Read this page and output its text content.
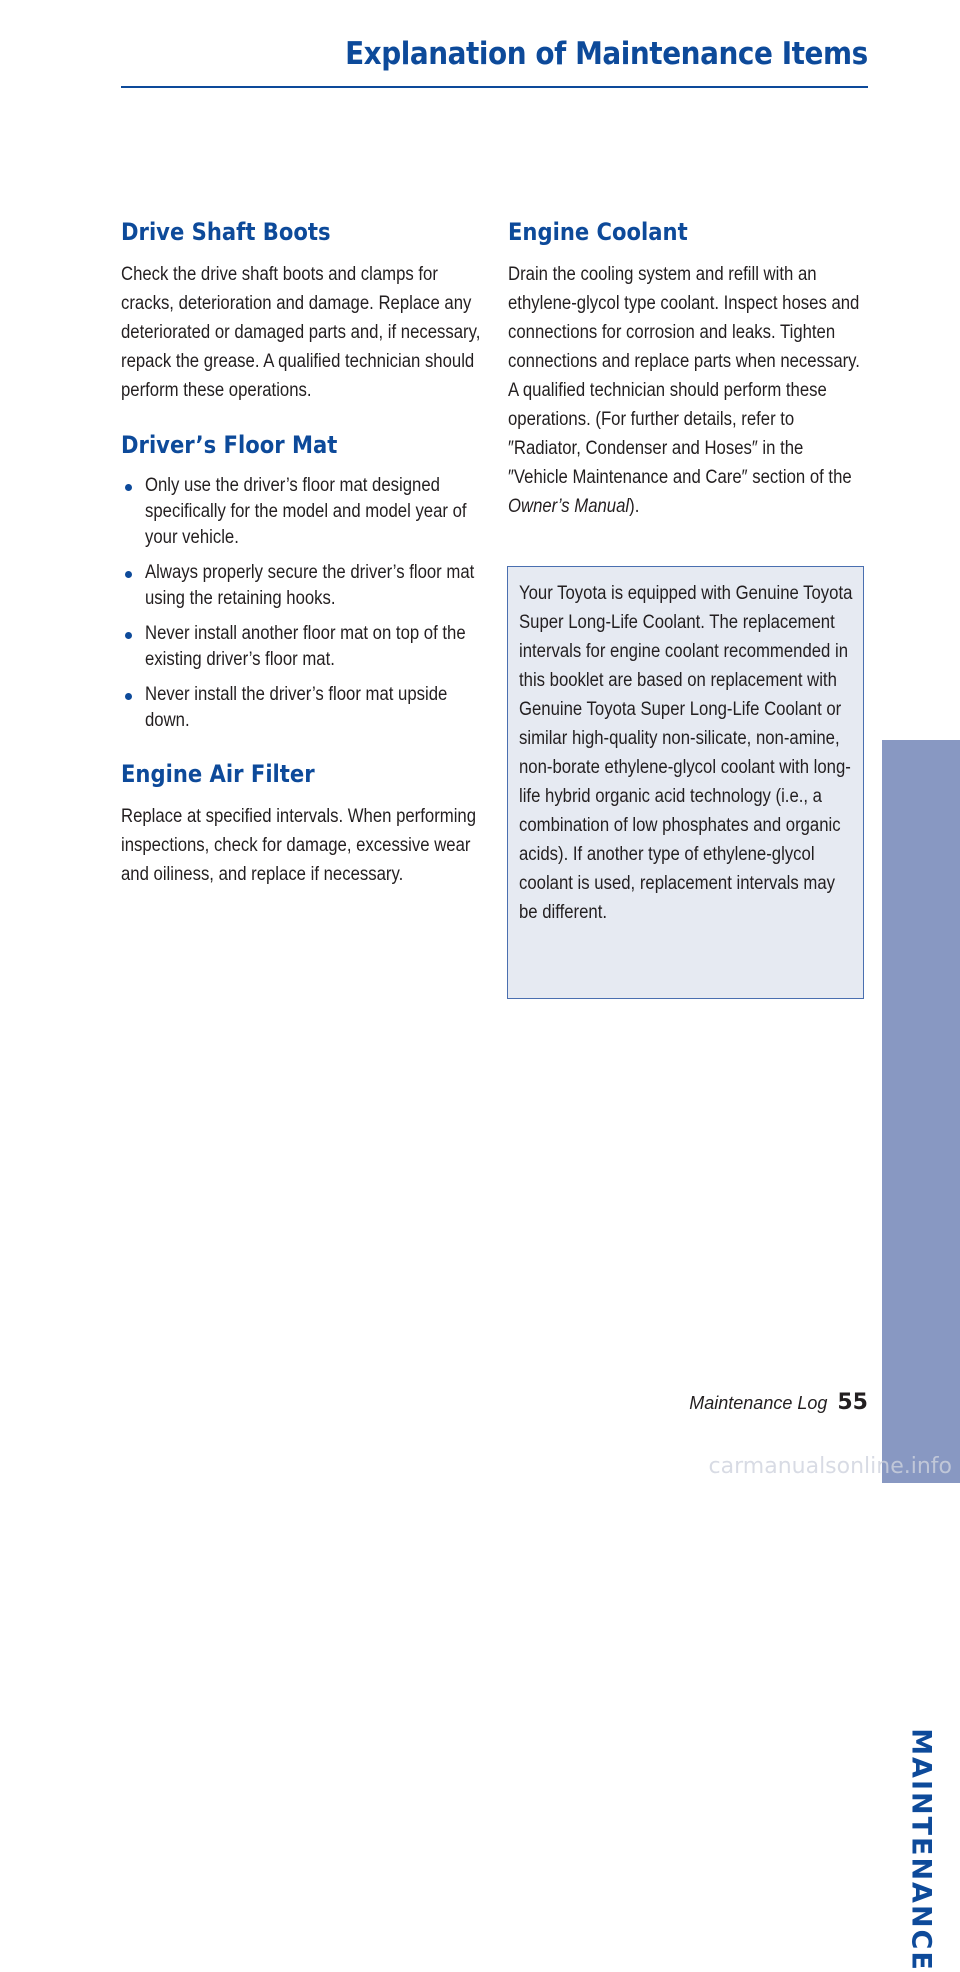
Explanation of Maintenance Items
Drive Shaft Boots

Check the drive shaft boots and clamps for cracks, deterioration and damage. Replace any deteriorated or damaged parts and, if necessary, repack the grease. A qualified technician should perform these operations.

Driver’s Floor Mat
Only use the driver’s floor mat designed specifically for the model and model year of your vehicle.
Always properly secure the driver’s floor mat using the retaining hooks.
Never install another floor mat on top of the existing driver’s floor mat.
Never install the driver’s floor mat upside down.
Engine Air Filter

Replace at specified intervals. When performing inspections, check for damage, excessive wear and oiliness, and replace if necessary.

Engine Coolant

Drain the cooling system and refill with an ethylene-glycol type coolant. Inspect hoses and connections for corrosion and leaks. Tighten connections and replace parts when necessary. A qualified technician should perform these operations. (For further details, refer to ″Radiator, Condenser and Hoses″ in the ″Vehicle Maintenance and Care″ section of the Owner’s Manual).

Your Toyota is equipped with Genuine Toyota Super Long-Life Coolant. The replacement intervals for engine coolant recommended in this booklet are based on replacement with Genuine Toyota Super Long-Life Coolant or similar high-quality non-silicate, non-amine, non-borate ethylene-glycol coolant with long-life hybrid organic acid technology (i.e., a combination of low phosphates and organic acids). If another type of ethylene-glycol coolant is used, replacement intervals may be different.

MAINTENANCE
Maintenance Log 55
carmanualsonline.info
